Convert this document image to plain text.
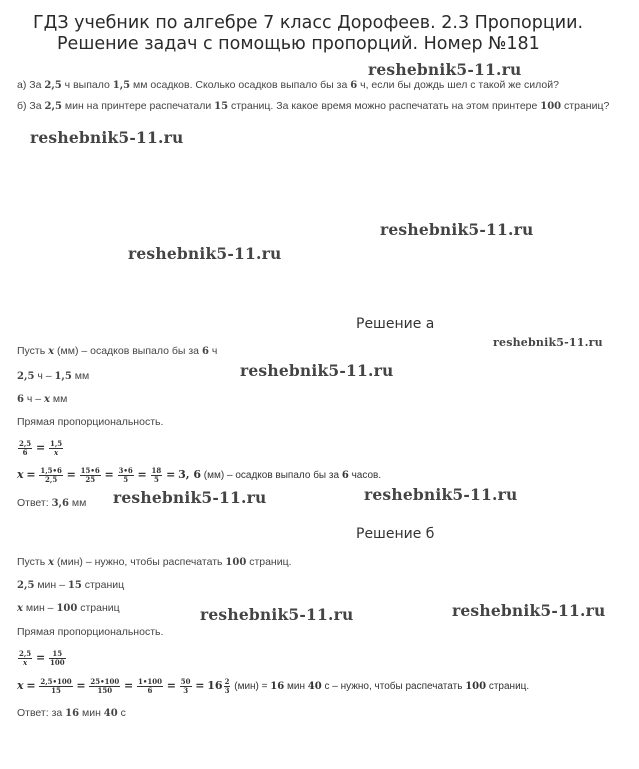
ГДЗ учебник по алгебре 7 класс Дорофеев. 2.3 Пропорции.
Решение задач с помощью пропорций. Номер №181
reshebnik5-11.ru
reshebnik5-11.ru
reshebnik5-11.ru
reshebnik5-11.ru
reshebnik5-11.ru
reshebnik5-11.ru
reshebnik5-11.ru	reshebnik5-11.ru
reshebnik5-11.ru	reshebnik5-11.ru
а) За 2,5 ч выпало 1,5 мм осадков. Сколько осадков выпало бы за 6 ч, если бы дождь шел с такой же силой?
б) За 2,5 мин на принтере распечатали 15 страниц. За какое время можно распечатать на этом принтере 100 страниц?
Решение а
Пусть x (мм) – осадков выпало бы за 6 ч
2,5 ч – 1,5 мм
6 ч – x мм
Прямая пропорциональность.
$\frac{2,5}{6} = \frac{1,5}{x}$
$x = \frac{1,5•6}{2,5} = \frac{15•6}{25} = \frac{3•6}{5} = \frac{18}{5} = 3$, 6 (мм) – осадков выпало бы за 6 часов.
Ответ: 3,6 мм
Решение б
Пусть x (мин) – нужно, чтобы распечатать 100 страниц.
2,5 мин – 15 страниц
x мин – 100 страниц
Прямая пропорциональность.
$\frac{2,5}{x} = \frac{15}{100}$
$x = \frac{2,5•100}{15} = \frac{25•100}{150} = \frac{1•100}{6} = \frac{50}{3} = 16 \frac{2}{3} (мин) = 16$ мин 40 с – нужно, чтобы распечатать 100 страниц.
Ответ: за 16 мин 40 с
